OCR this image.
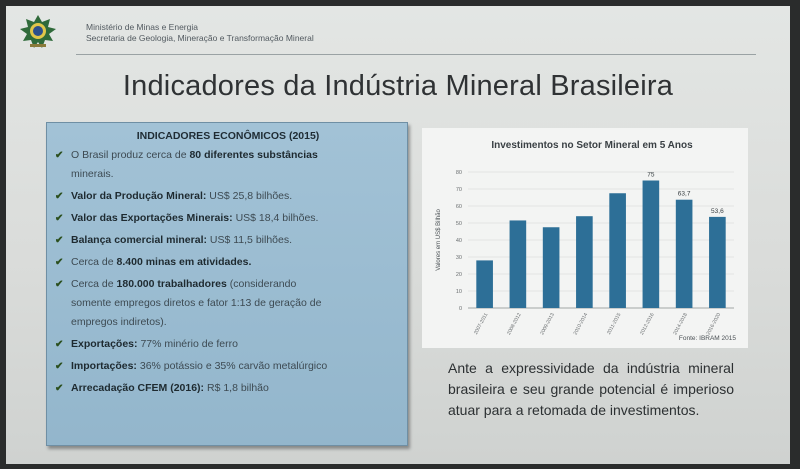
Ministério de Minas e Energia
Secretaria de Geologia, Mineração e Transformação Mineral
Indicadores da Indústria Mineral Brasileira
INDICADORES ECONÔMICOS (2015)
✔ O Brasil produz cerca de 80 diferentes substâncias
minerais.
✔ Valor da Produção Mineral: US$ 25,8 bilhões.
✔ Valor das Exportações Minerais: US$ 18,4 bilhões.
✔ Balança comercial mineral: US$ 11,5 bilhões.
✔ Cerca de 8.400 minas em atividades.
✔ Cerca de 180.000 trabalhadores (considerando
somente empregos diretos e fator 1:13 de geração de
empregos indiretos).
✔ Exportações: 77% minério de ferro
✔ Importações: 36% potássio e 35% carvão metalúrgico
✔ Arrecadação CFEM (2016): R$ 1,8 bilhão
Investimentos no Setor Mineral em 5 Anos
0
10
20
30
40
50
60
70
80
Valores em US$ Bilhão
2007-2011	2008-2012	2009-2013	2010-2014	2011-2015
75
2012-2016
63,7
2014-2018
53,6
2016-2020
Fonte: IBRAM 2015
Ante a expressividade da indústria mineral brasileira e seu grande potencial é imperioso atuar para a retomada de investimentos.
